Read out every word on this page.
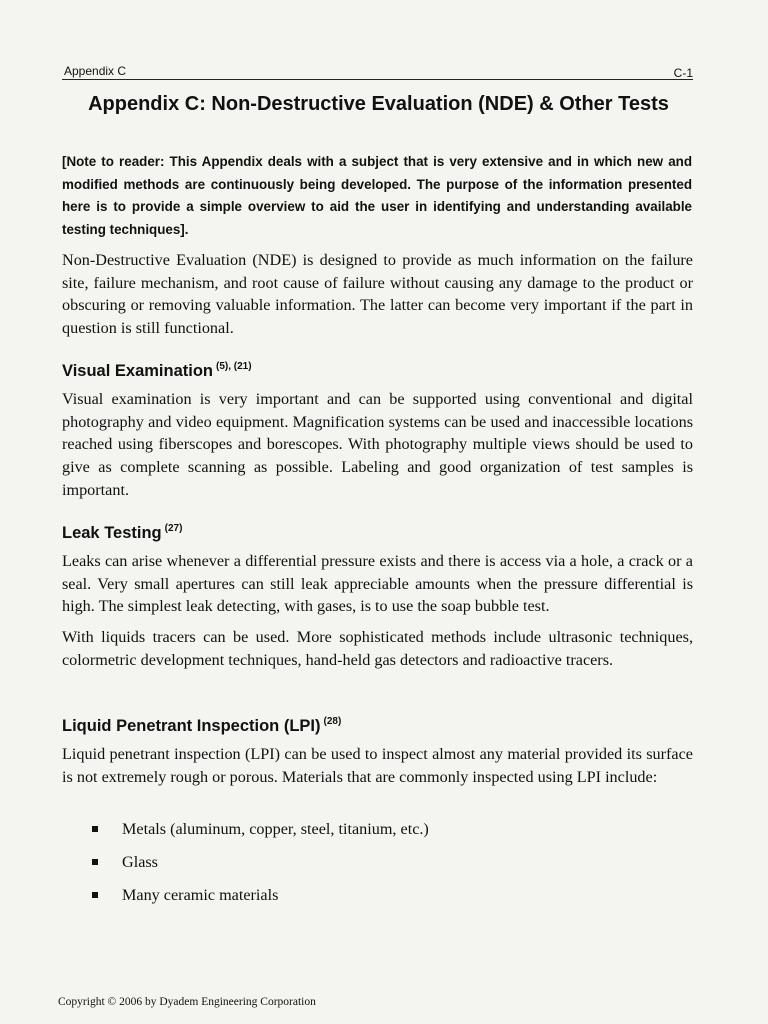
Appendix C	C-1
Appendix C: Non-Destructive Evaluation (NDE) & Other Tests
[Note to reader: This Appendix deals with a subject that is very extensive and in which new and modified methods are continuously being developed. The purpose of the information presented here is to provide a simple overview to aid the user in identifying and understanding available testing techniques].

Non-Destructive Evaluation (NDE) is designed to provide as much information on the failure site, failure mechanism, and root cause of failure without causing any damage to the product or obscuring or removing valuable information. The latter can become very important if the part in question is still functional.

Visual Examination $^{(5), (21)}$

Visual examination is very important and can be supported using conventional and digital photography and video equipment. Magnification systems can be used and inaccessible locations reached using fiberscopes and borescopes. With photography multiple views should be used to give as complete scanning as possible. Labeling and good organization of test samples is important.

Leak Testing $^{(27)}$

Leaks can arise whenever a differential pressure exists and there is access via a hole, a crack or a seal. Very small apertures can still leak appreciable amounts when the pressure differential is high. The simplest leak detecting, with gases, is to use the soap bubble test.

With liquids tracers can be used. More sophisticated methods include ultrasonic techniques, colormetric development techniques, hand-held gas detectors and radioactive tracers.

Liquid Penetrant Inspection (LPI) $^{(28)}$

Liquid penetrant inspection (LPI) can be used to inspect almost any material provided its surface is not extremely rough or porous. Materials that are commonly inspected using LPI include:

Metals (aluminum, copper, steel, titanium, etc.)
Glass
Many ceramic materials
Copyright © 2006 by Dyadem Engineering Corporation
